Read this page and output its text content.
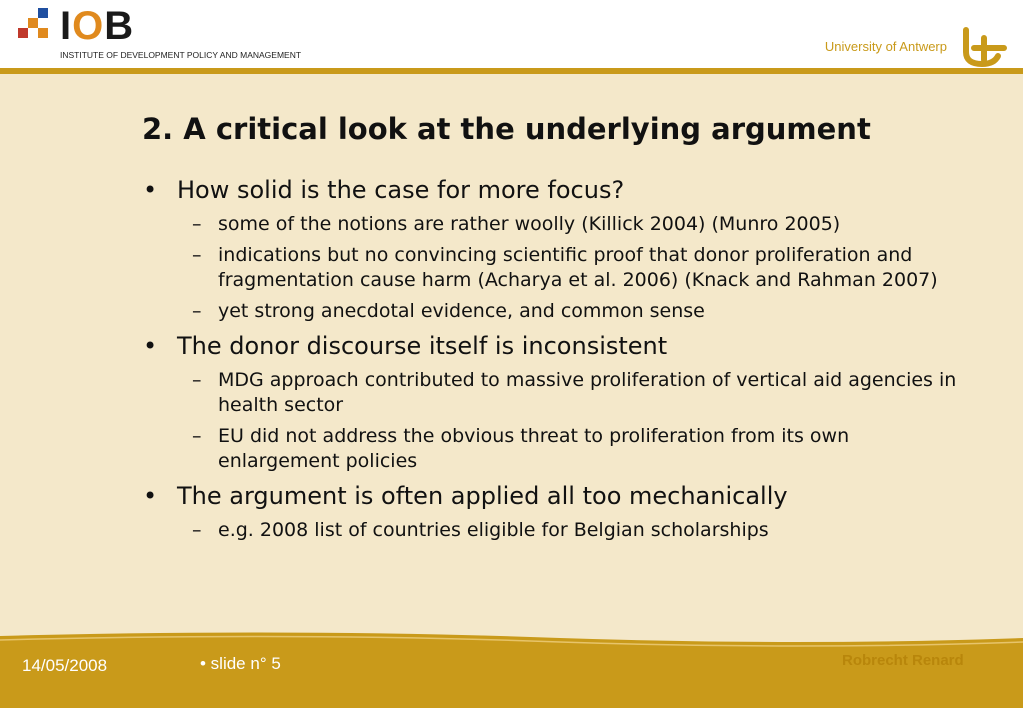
IOB
INSTITUTE OF DEVELOPMENT POLICY AND MANAGEMENT
University of Antwerp
2. A critical look at the underlying argument
• How solid is the case for more focus?
– some of the notions are rather woolly (Killick 2004) (Munro 2005)
– indications but no convincing scientific proof that donor proliferation and fragmentation cause harm (Acharya et al. 2006) (Knack and Rahman 2007)
– yet strong anecdotal evidence, and common sense
• The donor discourse itself is inconsistent
– MDG approach contributed to massive proliferation of vertical aid agencies in health sector
– EU did not address the obvious threat to proliferation from its own enlargement policies
• The argument is often applied all too mechanically
– e.g. 2008 list of countries eligible for Belgian scholarships
14/05/2008	• slide n° 5	Robrecht Renard
